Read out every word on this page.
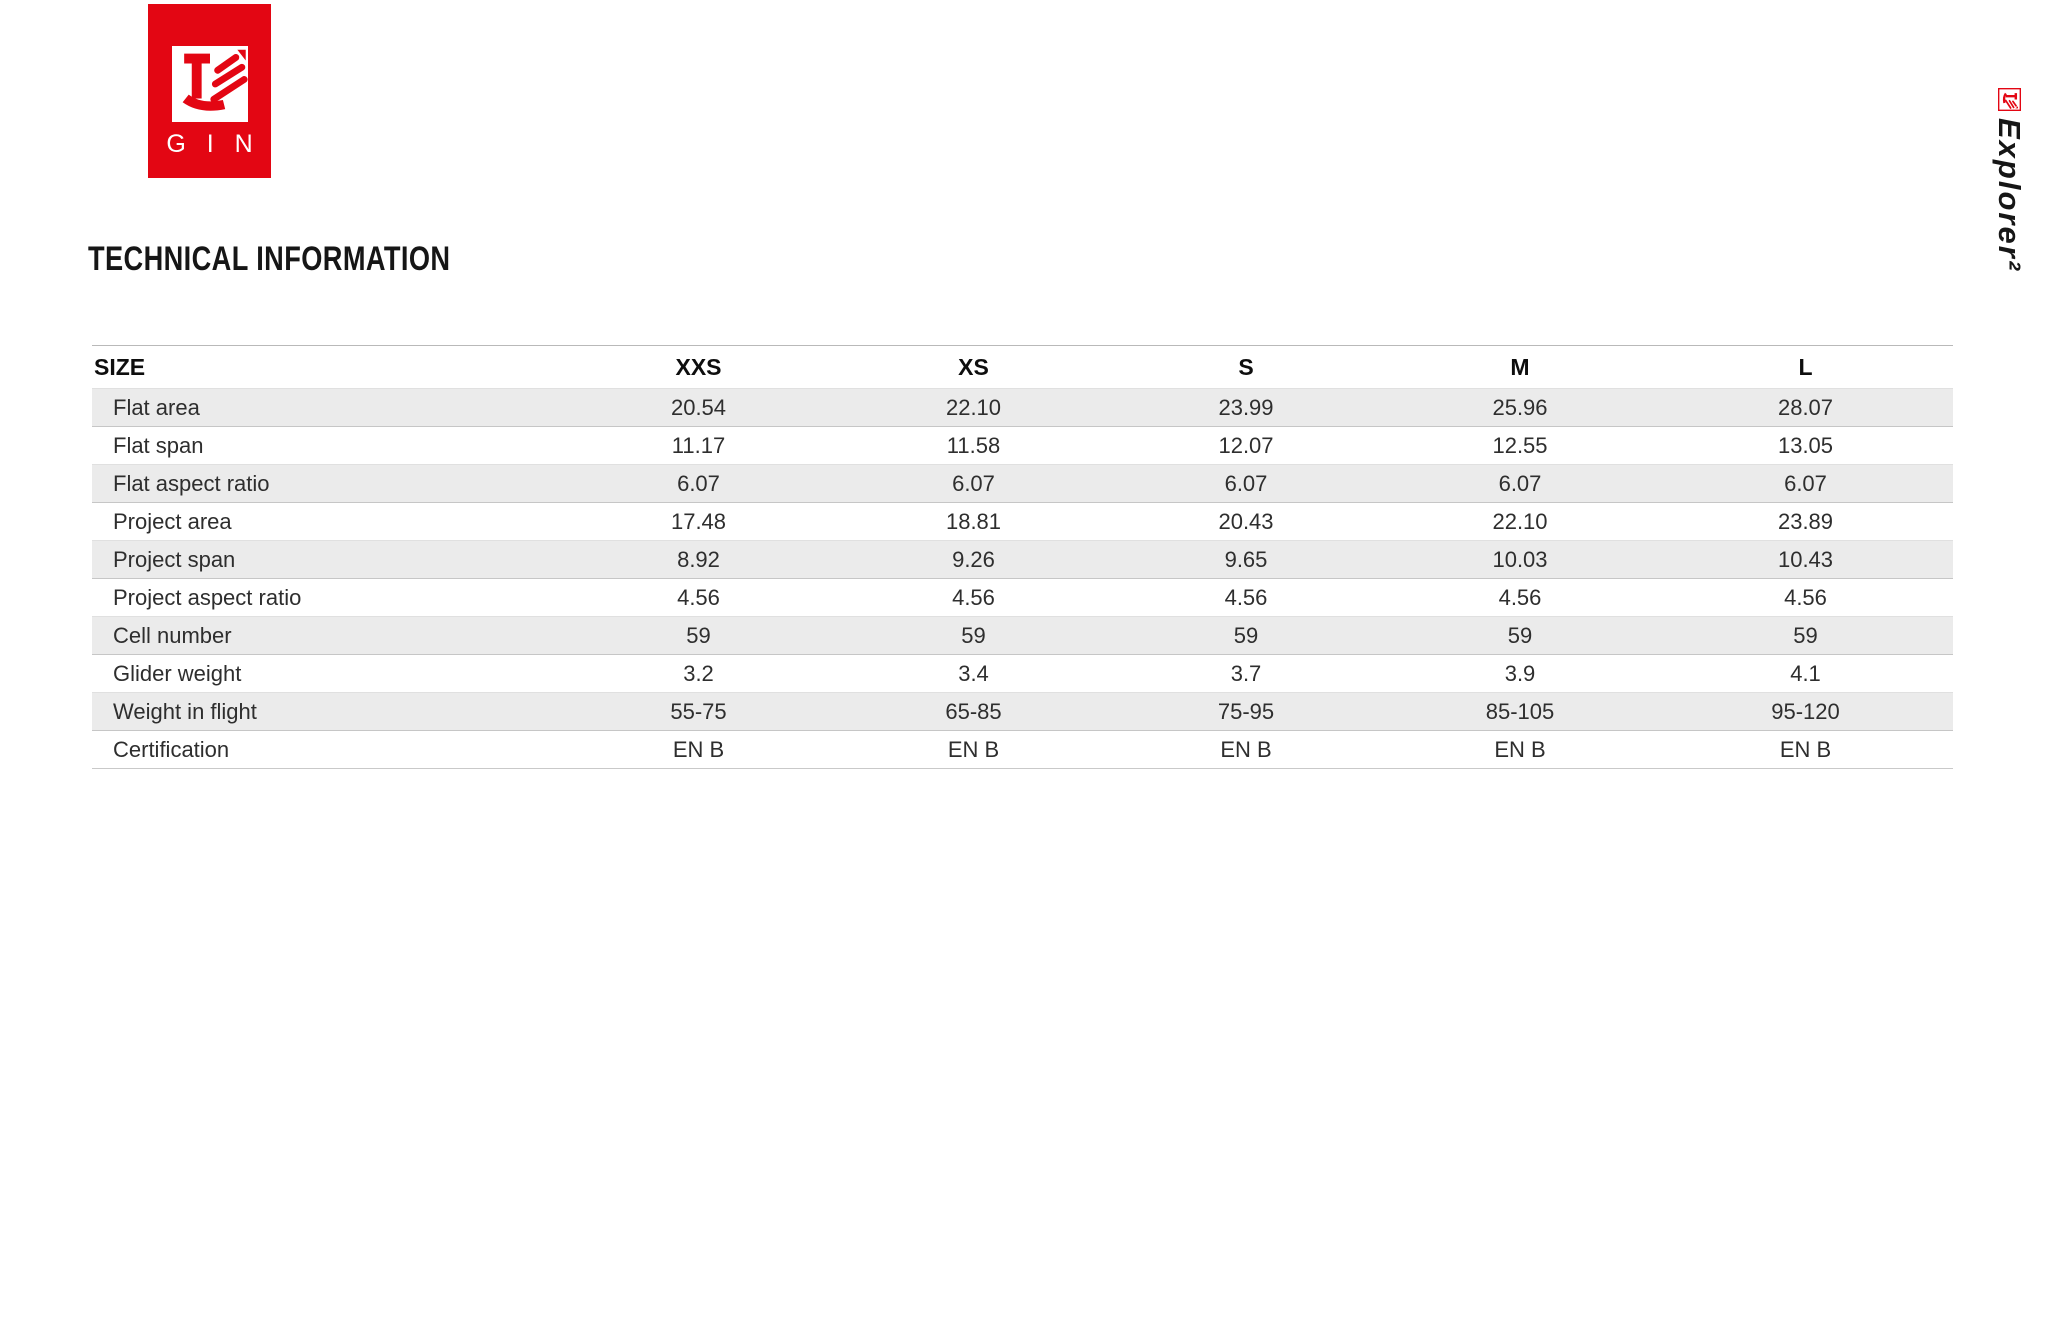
G I N
TECHNICAL INFORMATION
SIZE	XXS	XS	S	M	L
Flat area	20.54	22.10	23.99	25.96	28.07
Flat span	11.17	11.58	12.07	12.55	13.05
Flat aspect ratio	6.07	6.07	6.07	6.07	6.07
Project area	17.48	18.81	20.43	22.10	23.89
Project span	8.92	9.26	9.65	10.03	10.43
Project aspect ratio	4.56	4.56	4.56	4.56	4.56
Cell number	59	59	59	59	59
Glider weight	3.2	3.4	3.7	3.9	4.1
Weight in flight	55-75	65-85	75-95	85-105	95-120
Certification	EN B	EN B	EN B	EN B	EN B
Explorer²
